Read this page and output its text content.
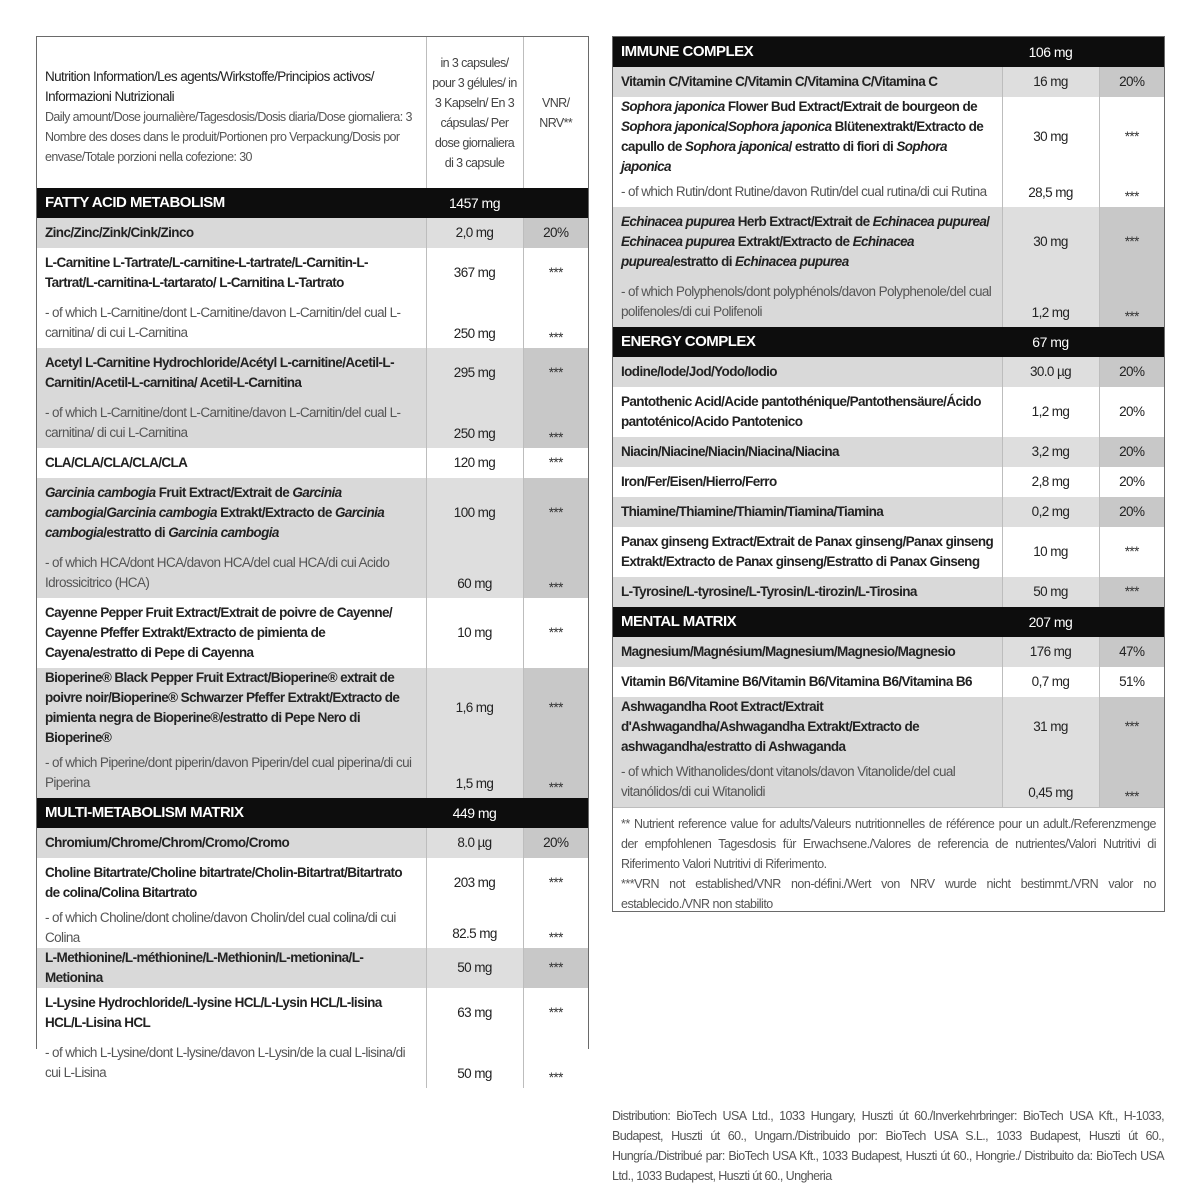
Nutrition Information/Les agents/Wirkstoffe/Principios activos/
Informazioni Nutrizionali
Daily amount/Dose journalière/Tagesdosis/Dosis diaria/Dose giornaliera: 3
Nombre des doses dans le produit/Portionen pro Verpackung/Dosis por envase/Totale porzioni nella cofezione: 30	in 3 capsules/ pour 3 gélules/ in 3 Kapseln/ En 3 cápsulas/ Per dose giornaliera di 3 capsule	VNR/ NRV**

FATTY ACID METABOLISM	1457 mg	
Zinc/Zinc/Zink/Cink/Zinco	2,0 mg	20%
L-Carnitine L-Tartrate/L-carnitine-L-tartrate/L-Carnitin-L-Tartrat/L-carnitina-L-tartarato/ L-Carnitina L-Tartrato	367 mg	***
- of which L-Carnitine/dont L-Carnitine/davon L-Carnitin/del cual L-carnitina/ di cui L-Carnitina	250 mg	***
Acetyl L-Carnitine Hydrochloride/Acétyl L-carnitine/Acetil-L-Carnitin/Acetil-L-carnitina/ Acetil-L-Carnitina	295 mg	***
- of which L-Carnitine/dont L-Carnitine/davon L-Carnitin/del cual L-carnitina/ di cui L-Carnitina	250 mg	***
CLA/CLA/CLA/CLA/CLA	120 mg	***
Garcinia cambogia Fruit Extract/Extrait de Garcinia cambogia/Garcinia cambogia Extrakt/Extracto de Garcinia cambogia/estratto di Garcinia cambogia	100 mg	***
- of which HCA/dont HCA/davon HCA/del cual HCA/di cui Acido Idrossicitrico (HCA)	60 mg	***
Cayenne Pepper Fruit Extract/Extrait de poivre de Cayenne/ Cayenne Pfeffer Extrakt/Extracto de pimienta de Cayena/estratto di Pepe di Cayenna	10 mg	***
Bioperine® Black Pepper Fruit Extract/Bioperine® extrait de poivre noir/Bioperine® Schwarzer Pfeffer Extrakt/Extracto de pimienta negra de Bioperine®/estratto di Pepe Nero di Bioperine®	1,6 mg	***
- of which Piperine/dont piperin/davon Piperin/del cual piperina/di cui Piperina	1,5 mg	***
MULTI-METABOLISM MATRIX	449 mg	
Chromium/Chrome/Chrom/Cromo/Cromo	8.0 µg	20%
Choline Bitartrate/Choline bitartrate/Cholin-Bitartrat/Bitartrato de colina/Colina Bitartrato	203 mg	***
- of which Choline/dont choline/davon Cholin/del cual colina/di cui Colina	82.5 mg	***
L-Methionine/L-méthionine/L-Methionin/L-metionina/L-Metionina	50 mg	***
L-Lysine Hydrochloride/L-lysine HCL/L-Lysin HCL/L-lisina HCL/L-Lisina HCL	63 mg	***
- of which L-Lysine/dont L-lysine/davon L-Lysin/de la cual L-lisina/di cui L-Lisina	50 mg	***
IMMUNE COMPLEX	106 mg	
Vitamin C/Vitamine C/Vitamin C/Vitamina C/Vitamina C	16 mg	20%
Sophora japonica Flower Bud Extract/Extrait de bourgeon de Sophora japonica/Sophora japonica Blütenextrakt/Extracto de capullo de Sophora japonica/ estratto di fiori di Sophora japonica	30 mg	***
- of which Rutin/dont Rutine/davon Rutin/del cual rutina/di cui Rutina	28,5 mg	***
Echinacea pupurea Herb Extract/Extrait de Echinacea pupurea/ Echinacea pupurea Extrakt/Extracto de Echinacea pupurea/estratto di Echinacea pupurea	30 mg	***
- of which Polyphenols/dont polyphénols/davon Polyphenole/del cual polifenoles/di cui Polifenoli	1,2 mg	***
ENERGY COMPLEX	67 mg	
Iodine/Iode/Jod/Yodo/Iodio	30.0 µg	20%
Pantothenic Acid/Acide pantothénique/Pantothensäure/Ácido pantoténico/Acido Pantotenico	1,2 mg	20%
Niacin/Niacine/Niacin/Niacina/Niacina	3,2 mg	20%
Iron/Fer/Eisen/Hierro/Ferro	2,8 mg	20%
Thiamine/Thiamine/Thiamin/Tiamina/Tiamina	0,2 mg	20%
Panax ginseng Extract/Extrait de Panax ginseng/Panax ginseng Extrakt/Extracto de Panax ginseng/Estratto di Panax Ginseng	10 mg	***
L-Tyrosine/L-tyrosine/L-Tyrosin/L-tirozin/L-Tirosina	50 mg	***
MENTAL MATRIX	207 mg	
Magnesium/Magnésium/Magnesium/Magnesio/Magnesio	176 mg	47%
Vitamin B6/Vitamine B6/Vitamin B6/Vitamina B6/Vitamina B6	0,7 mg	51%
Ashwagandha Root Extract/Extrait d'Ashwagandha/Ashwagandha Extrakt/Extracto de ashwagandha/estratto di Ashwaganda	31 mg	***
- of which Withanolides/dont vitanols/davon Vitanolide/del cual vitanólidos/di cui Witanolidi	0,45 mg	***
** Nutrient reference value for adults/Valeurs nutritionnelles de référence pour un adult./Referenzmenge der empfohlenen Tagesdosis für Erwachsene./Valores de referencia de nutrientes/Valori Nutritivi di Riferimento Valori Nutritivi di Riferimento.
***VRN not established/VNR non-défini./Wert von NRV wurde nicht bestimmt./VRN valor no establecido./VNR non stabilito
Distribution: BioTech USA Ltd., 1033 Hungary, Huszti út 60./Inverkehrbringer: BioTech USA Kft., H-1033, Budapest, Huszti út 60., Ungarn./Distribuido por: BioTech USA S.L., 1033 Budapest, Huszti út 60., Hungría./Distribué par: BioTech USA Kft., 1033 Budapest, Huszti út 60., Hongrie./ Distribuito da: BioTech USA Ltd., 1033 Budapest, Huszti út 60., Ungheria
